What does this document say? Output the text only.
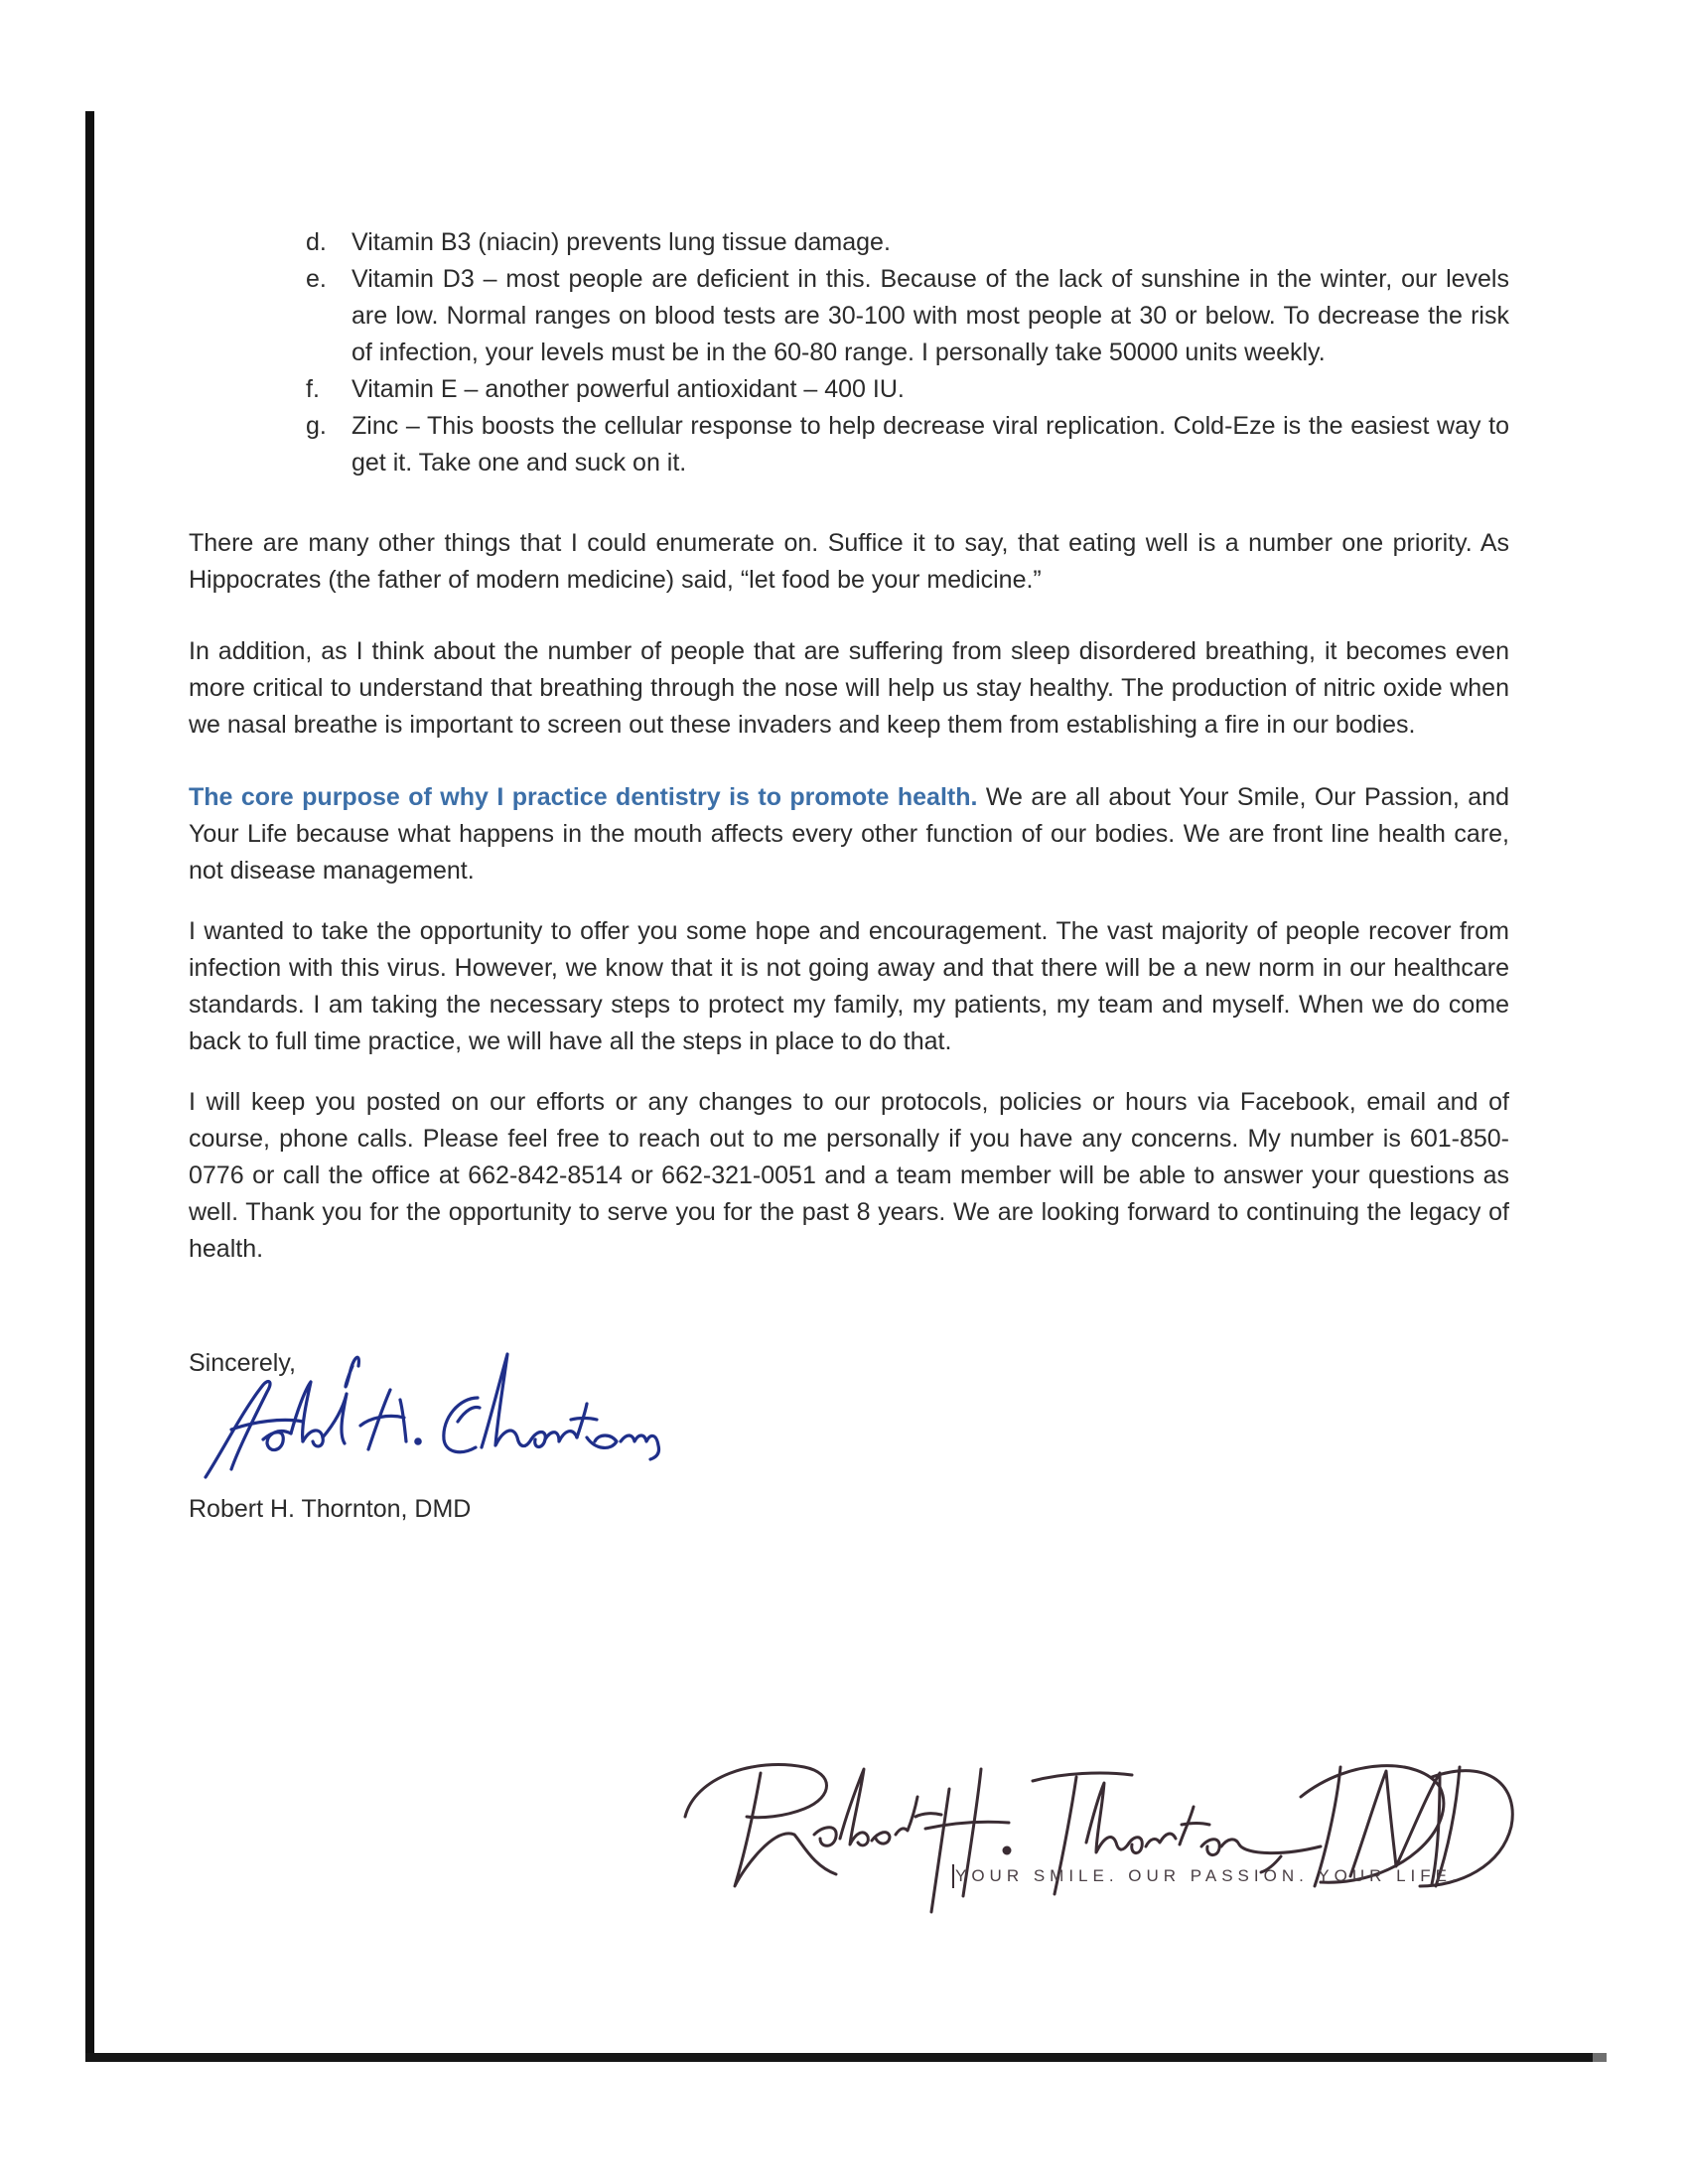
d. Vitamin B3 (niacin) prevents lung tissue damage.
e. Vitamin D3 – most people are deficient in this. Because of the lack of sunshine in the winter, our levels are low. Normal ranges on blood tests are 30-100 with most people at 30 or below. To decrease the risk of infection, your levels must be in the 60-80 range. I personally take 50000 units weekly.
f. Vitamin E – another powerful antioxidant – 400 IU.
g. Zinc – This boosts the cellular response to help decrease viral replication. Cold-Eze is the easiest way to get it. Take one and suck on it.

There are many other things that I could enumerate on. Suffice it to say, that eating well is a number one priority. As Hippocrates (the father of modern medicine) said, “let food be your medicine.”

In addition, as I think about the number of people that are suffering from sleep disordered breathing, it becomes even more critical to understand that breathing through the nose will help us stay healthy. The production of nitric oxide when we nasal breathe is important to screen out these invaders and keep them from establishing a fire in our bodies.

The core purpose of why I practice dentistry is to promote health. We are all about Your Smile, Our Passion, and Your Life because what happens in the mouth affects every other function of our bodies. We are front line health care, not disease management.

I wanted to take the opportunity to offer you some hope and encouragement. The vast majority of people recover from infection with this virus. However, we know that it is not going away and that there will be a new norm in our healthcare standards. I am taking the necessary steps to protect my family, my patients, my team and myself. When we do come back to full time practice, we will have all the steps in place to do that.

I will keep you posted on our efforts or any changes to our protocols, policies or hours via Facebook, email and of course, phone calls. Please feel free to reach out to me personally if you have any concerns. My number is 601-850-0776 or call the office at 662-842-8514 or 662-321-0051 and a team member will be able to answer your questions as well. Thank you for the opportunity to serve you for the past 8 years. We are looking forward to continuing the legacy of health.

Sincerely,
Robert H. Thornton, DMD
YOUR SMILE. OUR PASSION. YOUR LIFE.
